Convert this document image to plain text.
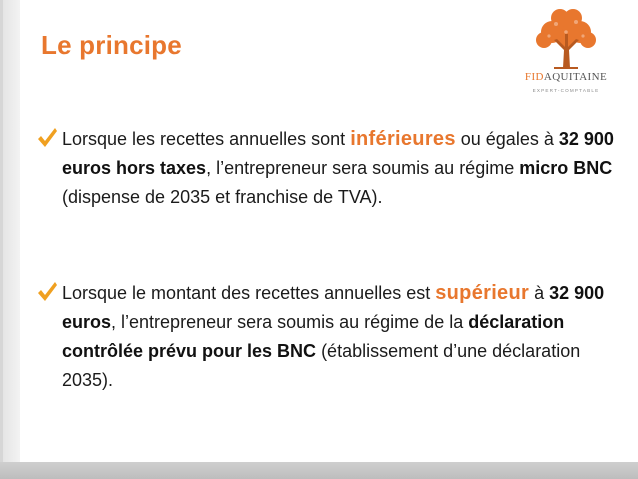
Le principe
FIDAQUITAINE
EXPERT-COMPTABLE
Lorsque les recettes annuelles sont inférieures ou égales à 32 900 euros hors taxes, l’entrepreneur sera soumis au régime micro BNC (dispense de 2035 et franchise de TVA).
Lorsque le montant des recettes annuelles est supérieur à 32 900 euros, l’entrepreneur sera soumis au régime de la déclaration contrôlée prévu pour les BNC (établissement d’une déclaration 2035).
